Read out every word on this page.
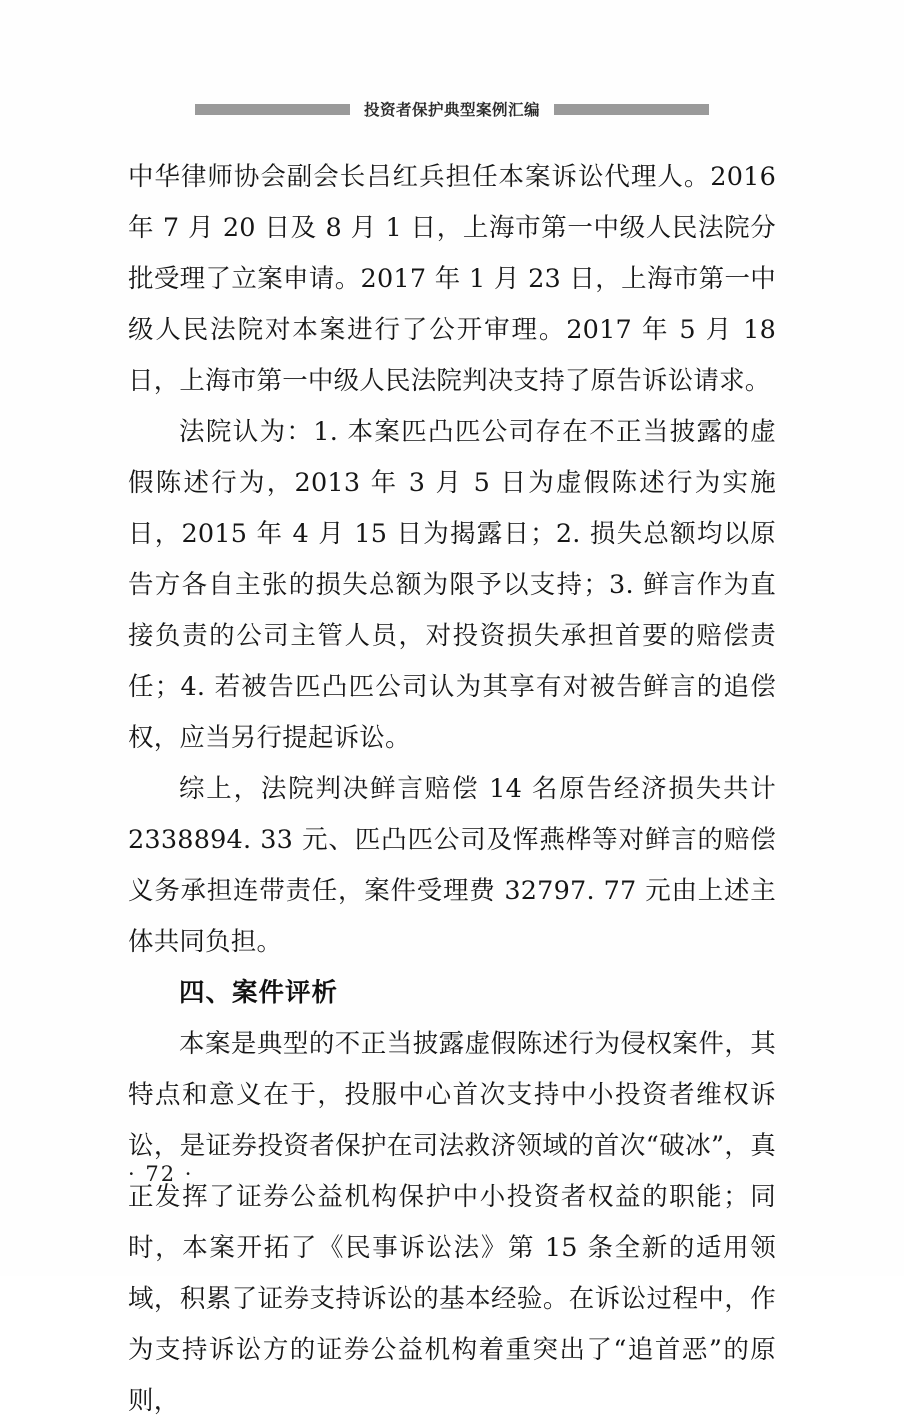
投资者保护典型案例汇编

中华律师协会副会长吕红兵担任本案诉讼代理人。2016 年 7 月 20 日及 8 月 1 日，上海市第一中级人民法院分批受理了立案申请。2017 年 1 月 23 日，上海市第一中级人民法院对本案进行了公开审理。2017 年 5 月 18 日，上海市第一中级人民法院判决支持了原告诉讼请求。

法院认为：1. 本案匹凸匹公司存在不正当披露的虚假陈述行为，2013 年 3 月 5 日为虚假陈述行为实施日，2015 年 4 月 15 日为揭露日；2. 损失总额均以原告方各自主张的损失总额为限予以支持；3. 鲜言作为直接负责的公司主管人员，对投资损失承担首要的赔偿责任；4. 若被告匹凸匹公司认为其享有对被告鲜言的追偿权，应当另行提起诉讼。

综上，法院判决鲜言赔偿 14 名原告经济损失共计 2338894. 33 元、匹凸匹公司及恽燕桦等对鲜言的赔偿义务承担连带责任，案件受理费 32797. 77 元由上述主体共同负担。

四、案件评析

本案是典型的不正当披露虚假陈述行为侵权案件，其特点和意义在于，投服中心首次支持中小投资者维权诉讼，是证券投资者保护在司法救济领域的首次“破冰”，真正发挥了证券公益机构保护中小投资者权益的职能；同时，本案开拓了《民事诉讼法》第 15 条全新的适用领域，积累了证券支持诉讼的基本经验。在诉讼过程中，作为支持诉讼方的证券公益机构着重突出了“追首恶”的原则，

· 72 ·
